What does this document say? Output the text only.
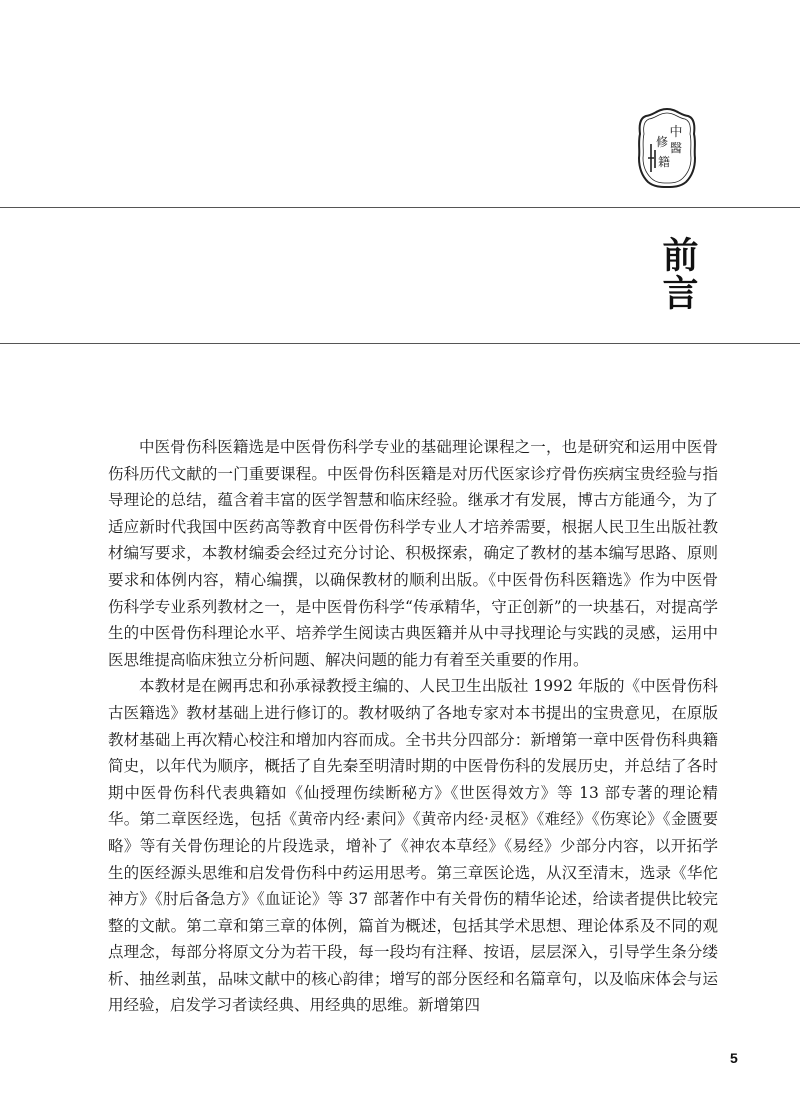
中
醫
修
籍
前言

中医骨伤科医籍选是中医骨伤科学专业的基础理论课程之一，也是研究和运用中医骨伤科历代文献的一门重要课程。中医骨伤科医籍是对历代医家诊疗骨伤疾病宝贵经验与指导理论的总结，蕴含着丰富的医学智慧和临床经验。继承才有发展，博古方能通今，为了适应新时代我国中医药高等教育中医骨伤科学专业人才培养需要，根据人民卫生出版社教材编写要求，本教材编委会经过充分讨论、积极探索，确定了教材的基本编写思路、原则要求和体例内容，精心编撰，以确保教材的顺利出版。《中医骨伤科医籍选》作为中医骨伤科学专业系列教材之一，是中医骨伤科学“传承精华，守正创新”的一块基石，对提高学生的中医骨伤科理论水平、培养学生阅读古典医籍并从中寻找理论与实践的灵感，运用中医思维提高临床独立分析问题、解决问题的能力有着至关重要的作用。

本教材是在阙再忠和孙承禄教授主编的、人民卫生出版社 1992 年版的《中医骨伤科古医籍选》教材基础上进行修订的。教材吸纳了各地专家对本书提出的宝贵意见，在原版教材基础上再次精心校注和增加内容而成。全书共分四部分：新增第一章中医骨伤科典籍简史，以年代为顺序，概括了自先秦至明清时期的中医骨伤科的发展历史，并总结了各时期中医骨伤科代表典籍如《仙授理伤续断秘方》《世医得效方》等 13 部专著的理论精华。第二章医经选，包括《黄帝内经·素问》《黄帝内经·灵枢》《难经》《伤寒论》《金匮要略》等有关骨伤理论的片段选录，增补了《神农本草经》《易经》少部分内容，以开拓学生的医经源头思维和启发骨伤科中药运用思考。第三章医论选，从汉至清末，选录《华佗神方》《肘后备急方》《血证论》等 37 部著作中有关骨伤的精华论述，给读者提供比较完整的文献。第二章和第三章的体例，篇首为概述，包括其学术思想、理论体系及不同的观点理念，每部分将原文分为若干段，每一段均有注释、按语，层层深入，引导学生条分缕析、抽丝剥茧，品味文献中的核心韵律；增写的部分医经和名篇章句，以及临床体会与运用经验，启发学习者读经典、用经典的思维。新增第四

5
